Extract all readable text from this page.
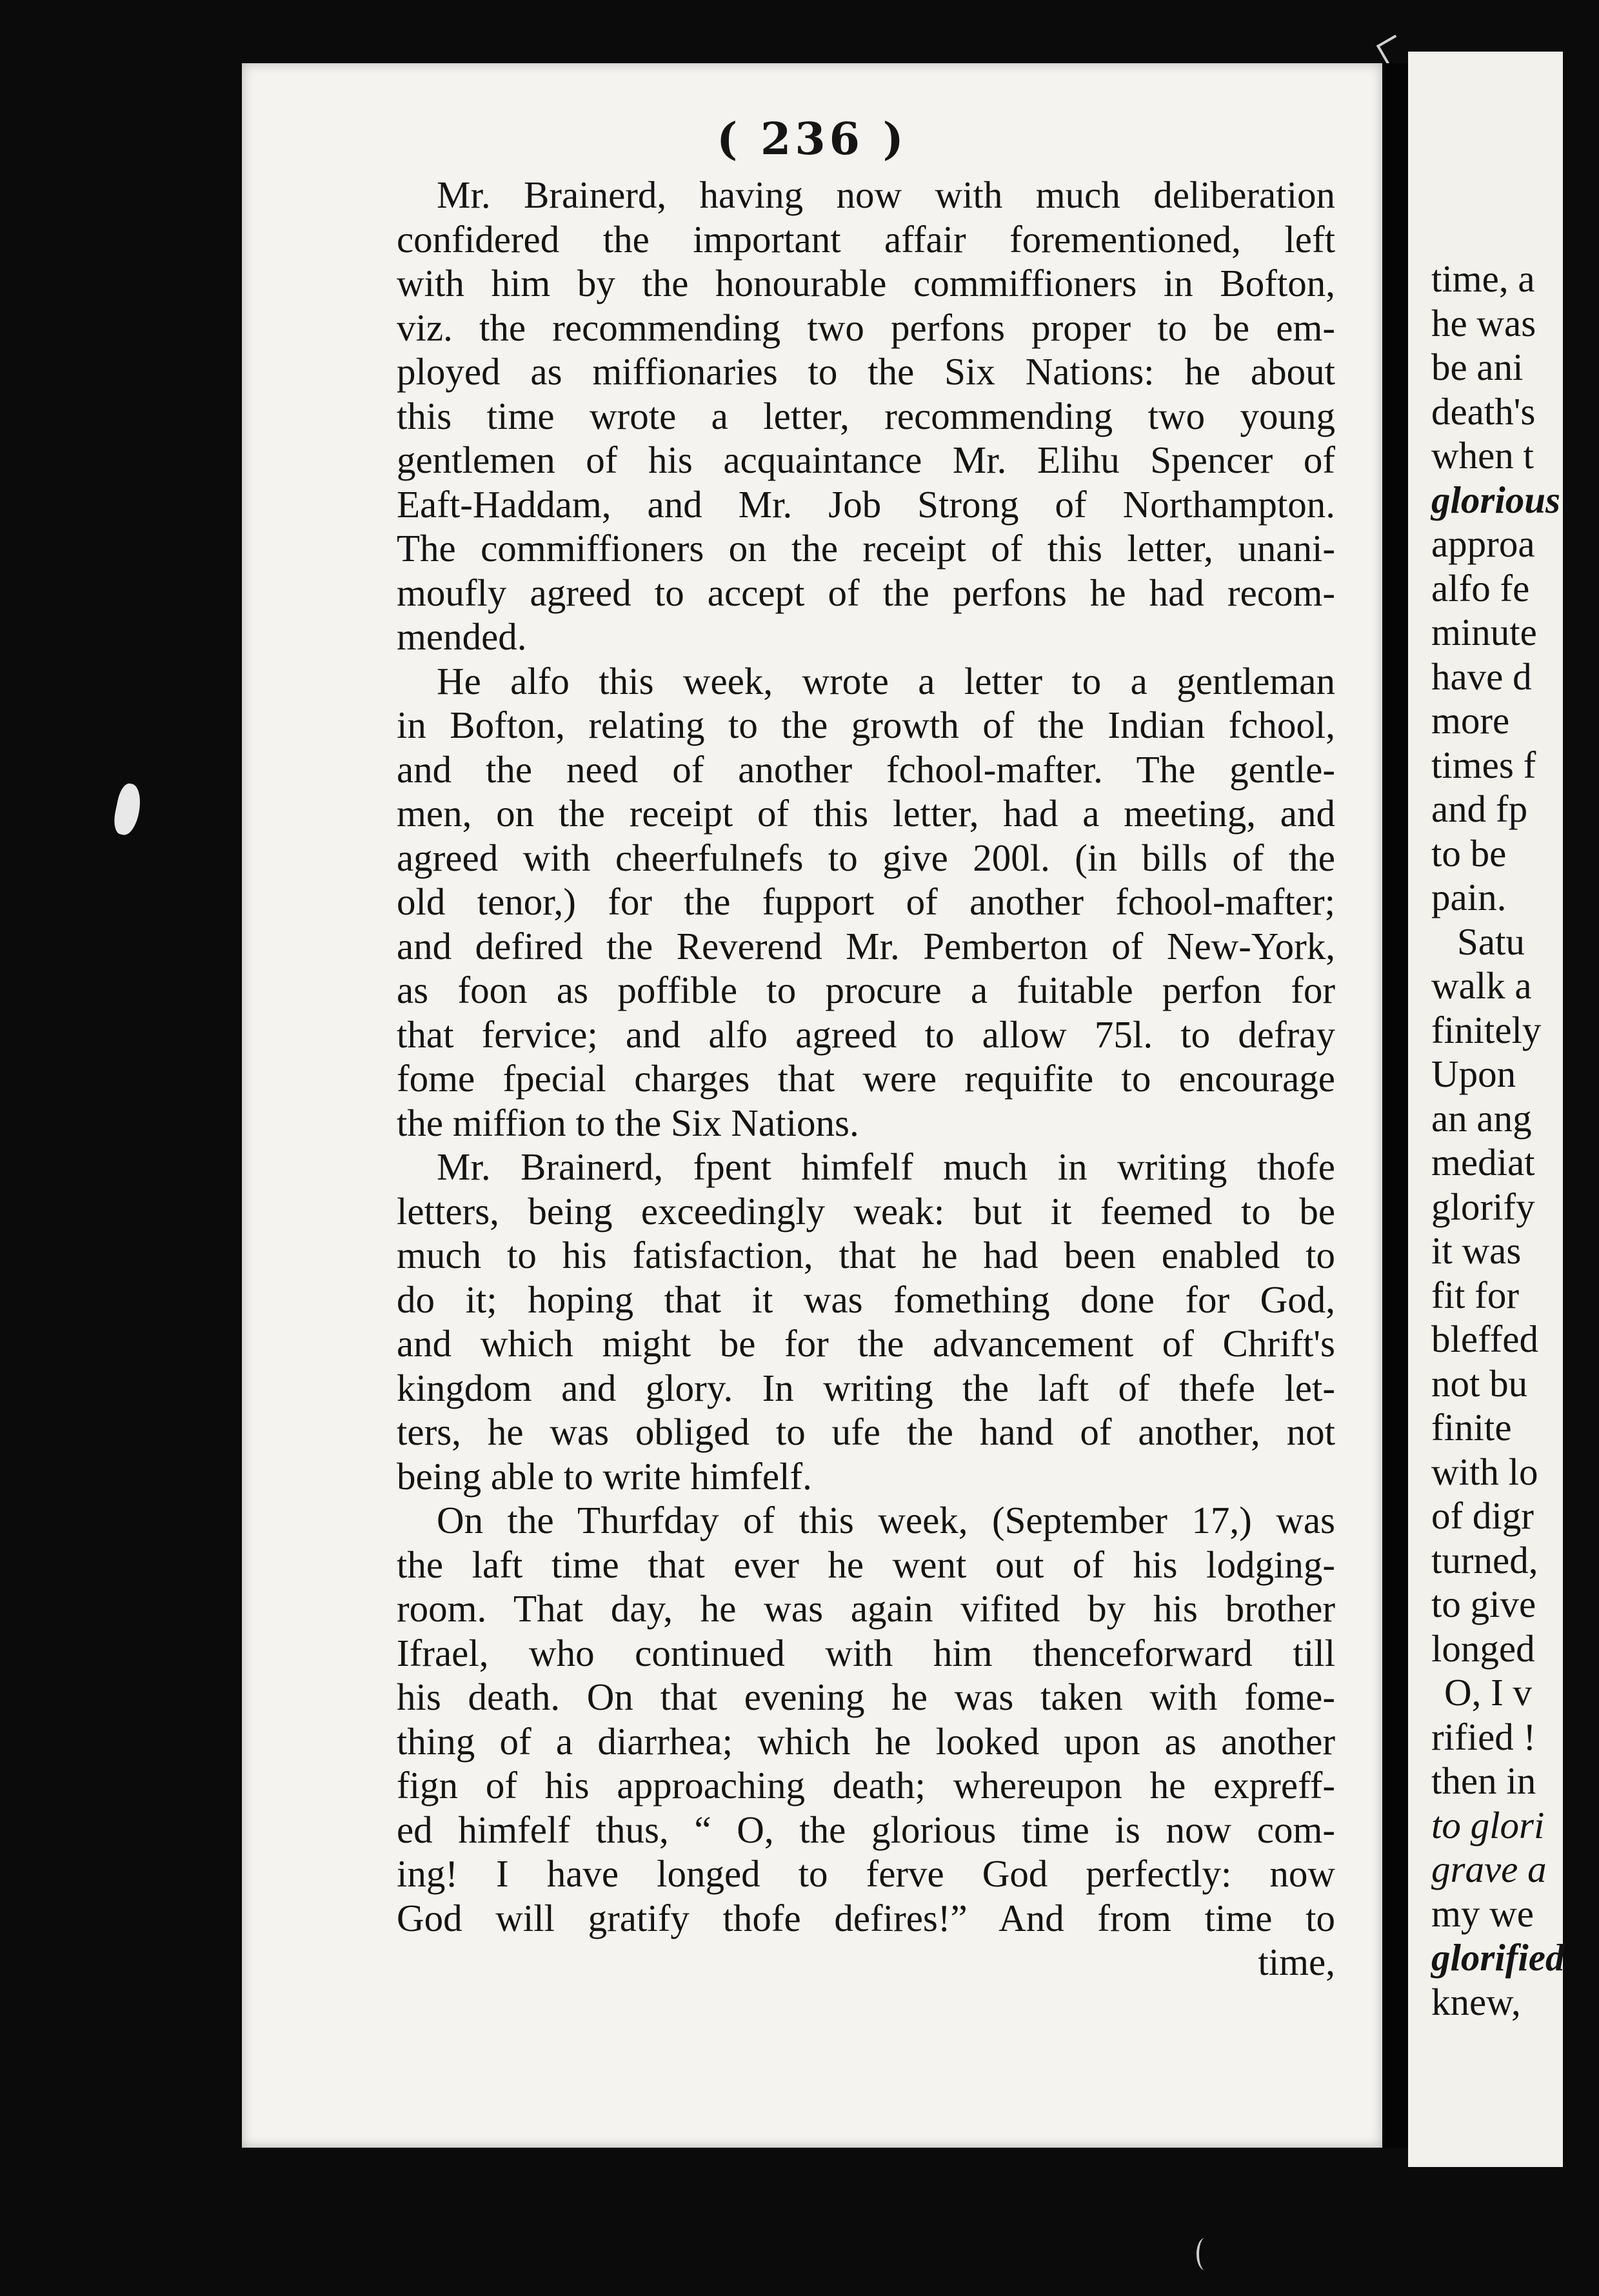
( 236 )
Mr. Brainerd, having now with much deliberation
confidered the important affair forementioned, left
with him by the honourable commiffioners in Bofton,
viz. the recommending two perfons proper to be em-
ployed as miffionaries to the Six Nations: he about
this time wrote a letter, recommending two young
gentlemen of his acquaintance Mr. Elihu Spencer of
Eaft-Haddam, and Mr. Job Strong of Northampton.
The commiffioners on the receipt of this letter, unani-
moufly agreed to accept of the perfons he had recom-
mended.
He alfo this week, wrote a letter to a gentleman
in Bofton, relating to the growth of the Indian fchool,
and the need of another fchool-mafter. The gentle-
men, on the receipt of this letter, had a meeting, and
agreed with cheerfulnefs to give 200l. (in bills of the
old tenor,) for the fupport of another fchool-mafter;
and defired the Reverend Mr. Pemberton of New-York,
as foon as poffible to procure a fuitable perfon for
that fervice; and alfo agreed to allow 75l. to defray
fome fpecial charges that were requifite to encourage
the miffion to the Six Nations.
Mr. Brainerd, fpent himfelf much in writing thofe
letters, being exceedingly weak: but it feemed to be
much to his fatisfaction, that he had been enabled to
do it; hoping that it was fomething done for God,
and which might be for the advancement of Chrift's
kingdom and glory. In writing the laft of thefe let-
ters, he was obliged to ufe the hand of another, not
being able to write himfelf.
On the Thurfday of this week, (September 17,) was
the laft time that ever he went out of his lodging-
room. That day, he was again vifited by his brother
Ifrael, who continued with him thenceforward till
his death. On that evening he was taken with fome-
thing of a diarrhea; which he looked upon as another
fign of his approaching death; whereupon he expreff-
ed himfelf thus, “ O, the glorious time is now com-
ing! I have longed to ferve God perfectly: now
God will gratify thofe defires!” And from time to
time,
time, a
he was
be ani
death's
when t
glorious
approa
alfo fe
minute
have d
more
times f
and fp
to be
pain.
Satu
walk a
finitely
Upon
an ang
mediat
glorify
it was
fit for
bleffed
not bu
finite
with lo
of digr
turned,
to give
longed
O, I v
rified !
then in
to glori
grave a
my we
glorified
knew,
